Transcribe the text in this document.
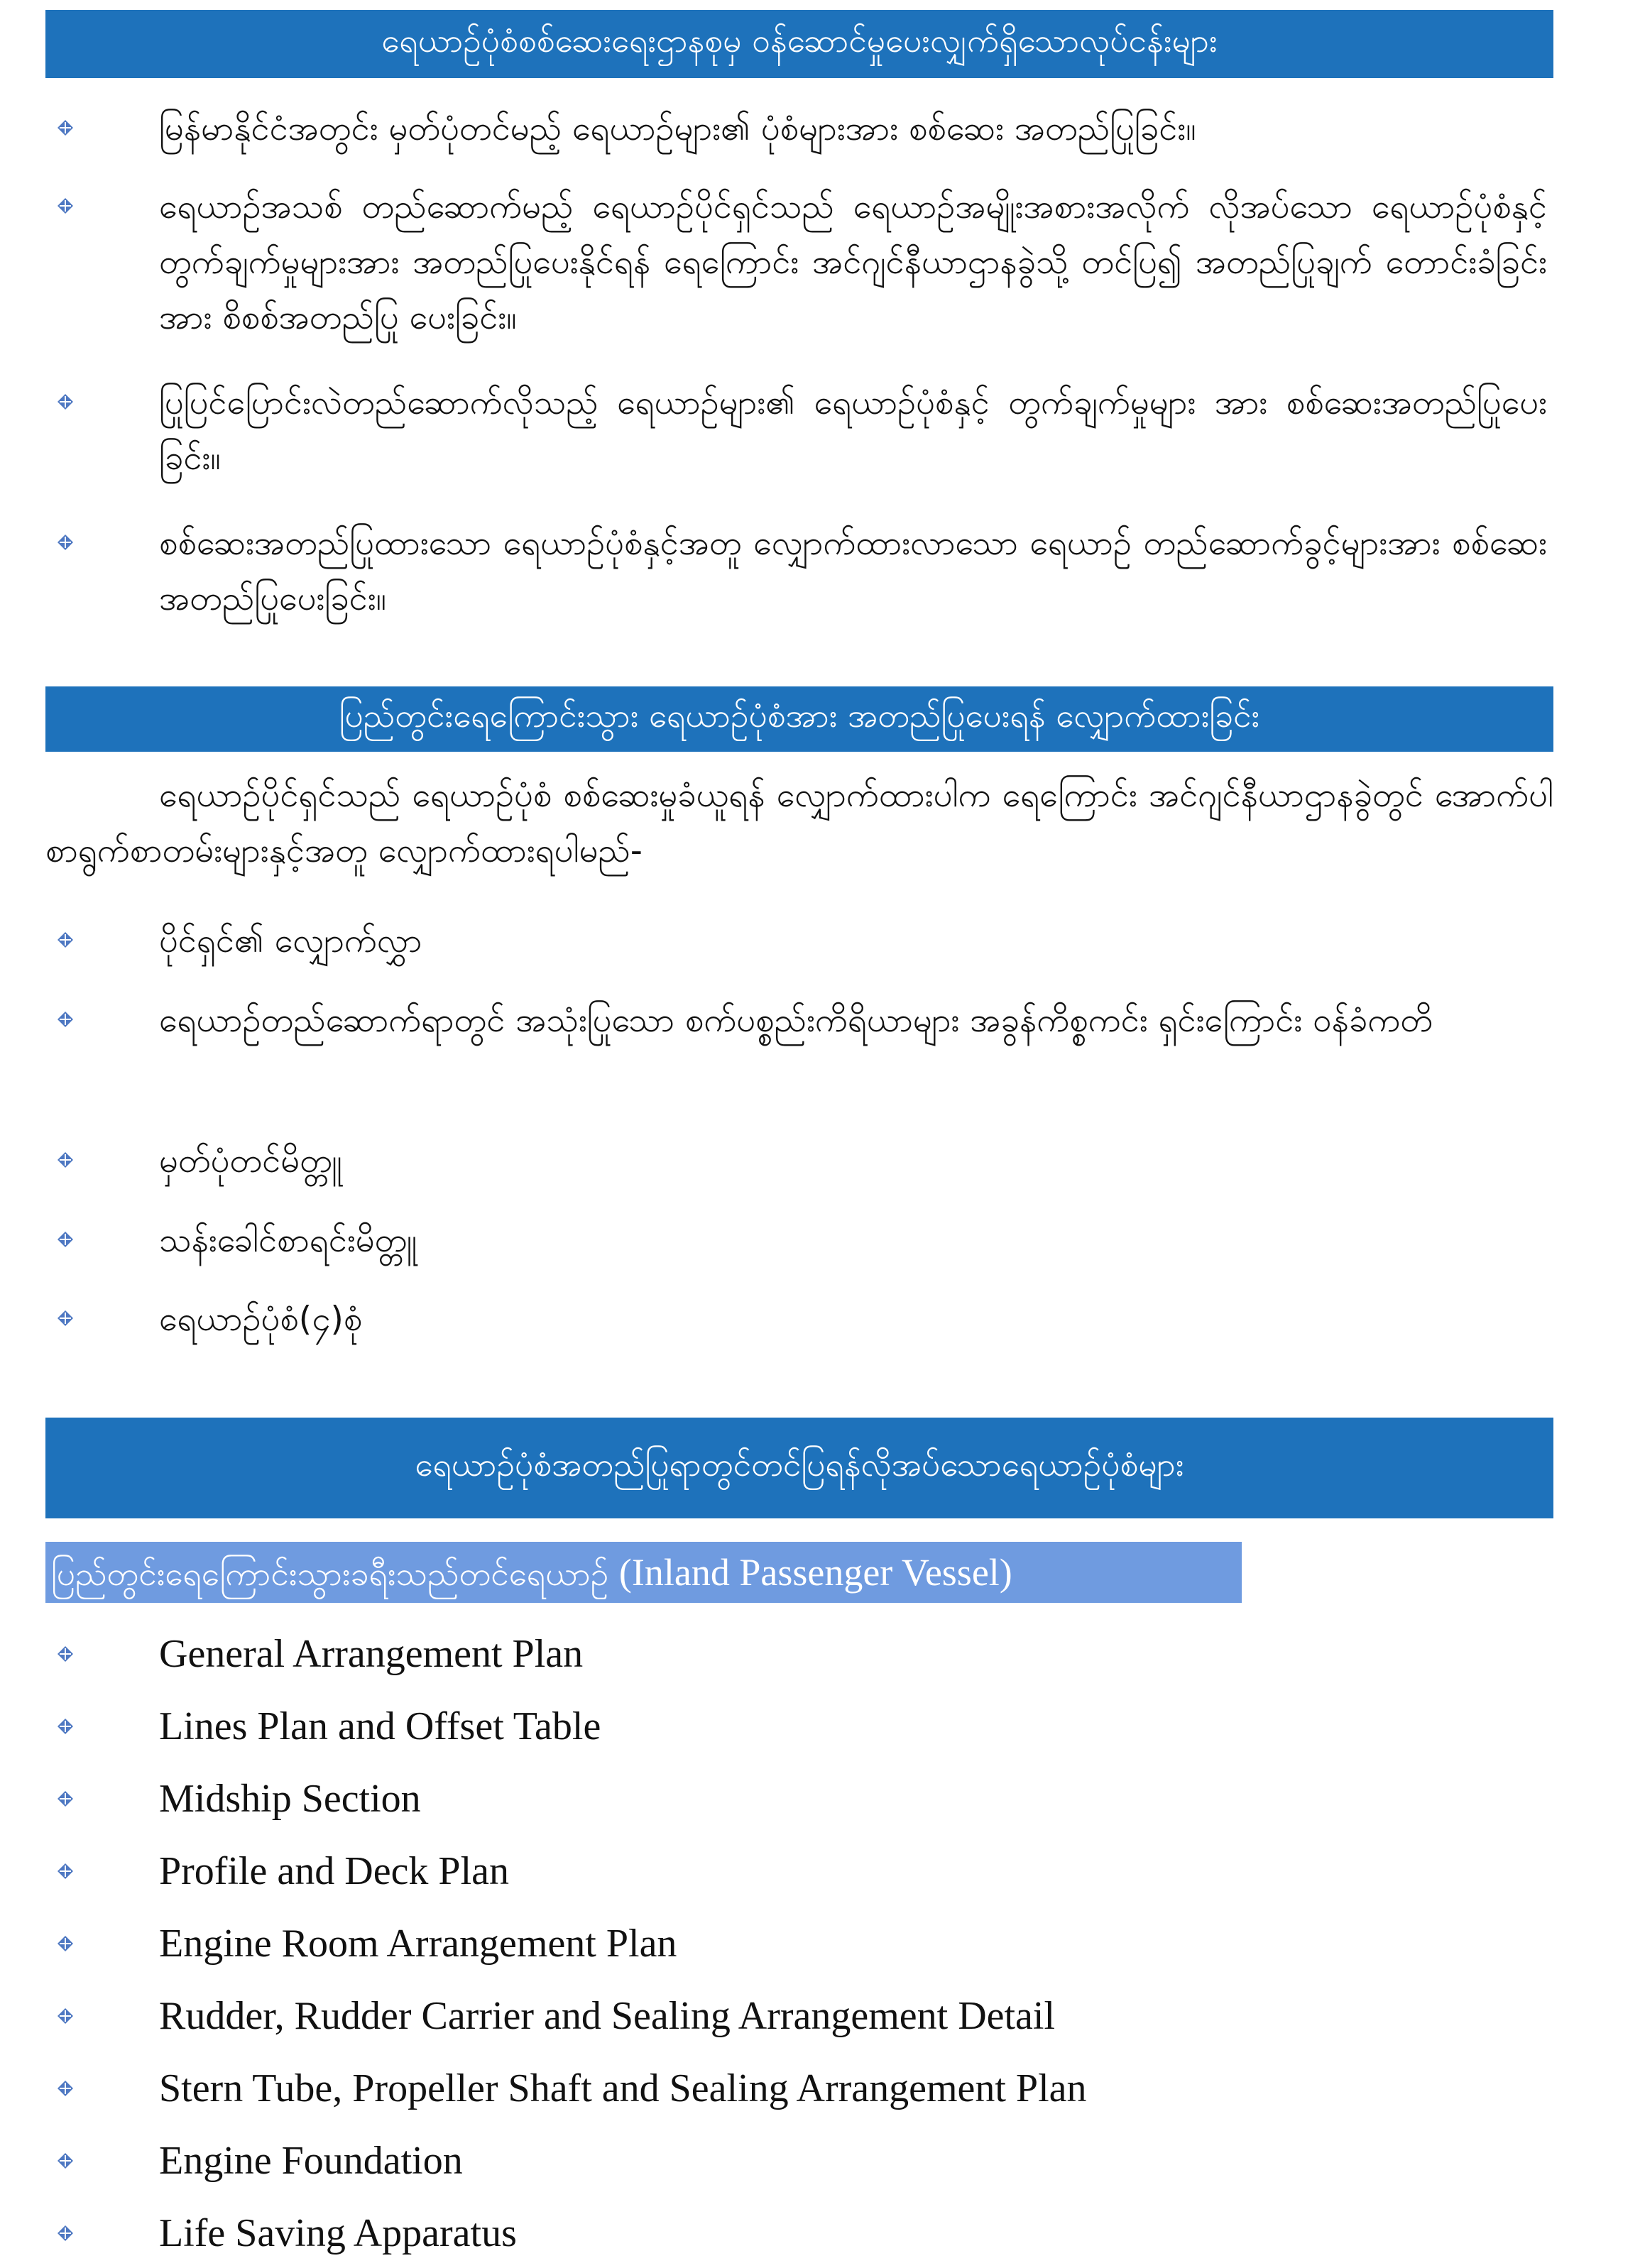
ရေယာဉ်ပုံစံစစ်ဆေးရေးဌာနစုမှ ဝန်ဆောင်မှုပေးလျှက်ရှိသောလုပ်ငန်းများ
မြန်မာနိုင်ငံအတွင်း မှတ်ပုံတင်မည့် ရေယာဉ်များ၏ ပုံစံများအား စစ်ဆေး အတည်ပြုခြင်း။
ရေယာဉ်အသစ် တည်ဆောက်မည့် ရေယာဉ်ပိုင်ရှင်သည် ရေယာဉ်အမျိုးအစားအလိုက် လိုအပ်သော ရေယာဉ်ပုံစံနှင့် တွက်ချက်မှုများအား အတည်ပြုပေးနိုင်ရန် ရေကြောင်း အင်ဂျင်နီယာဌာနခွဲသို့ တင်ပြ၍ အတည်ပြုချက် တောင်းခံခြင်းအား စိစစ်အတည်ပြု ပေးခြင်း။
ပြုပြင်ပြောင်းလဲတည်ဆောက်လိုသည့် ရေယာဉ်များ၏ ရေယာဉ်ပုံစံနှင့် တွက်ချက်မှုများ အား စစ်ဆေးအတည်ပြုပေးခြင်း။
စစ်ဆေးအတည်ပြုထားသော ရေယာဉ်ပုံစံနှင့်အတူ လျှောက်ထားလာသော ရေယာဉ် တည်ဆောက်ခွင့်များအား စစ်ဆေးအတည်ပြုပေးခြင်း။
ပြည်တွင်းရေကြောင်းသွား ရေယာဉ်ပုံစံအား အတည်ပြုပေးရန် လျှောက်ထားခြင်း
ရေယာဉ်ပိုင်ရှင်သည် ရေယာဉ်ပုံစံ စစ်ဆေးမှုခံယူရန် လျှောက်ထားပါက ရေကြောင်း အင်ဂျင်နီယာဌာနခွဲတွင် အောက်ပါ စာရွက်စာတမ်းများနှင့်အတူ လျှောက်ထားရပါမည်-
ပိုင်ရှင်၏ လျှောက်လွှာ
ရေယာဉ်တည်ဆောက်ရာတွင် အသုံးပြုသော စက်ပစ္စည်းကိရိယာများ အခွန်ကိစ္စကင်း ရှင်းကြောင်း ဝန်ခံကတိ
မှတ်ပုံတင်မိတ္တူ
သန်းခေါင်စာရင်းမိတ္တူ
ရေယာဉ်ပုံစံ(၄)စုံ
ရေယာဉ်ပုံစံအတည်ပြုရာတွင်တင်ပြရန်လိုအပ်သောရေယာဉ်ပုံစံများ
ပြည်တွင်းရေကြောင်းသွားခရီးသည်တင်ရေယာဉ် (Inland Passenger Vessel)
General Arrangement Plan
Lines Plan and Offset Table
Midship Section
Profile and Deck Plan
Engine Room Arrangement Plan
Rudder, Rudder Carrier and Sealing Arrangement Detail
Stern Tube, Propeller Shaft and Sealing Arrangement Plan
Engine Foundation
Life Saving Apparatus
